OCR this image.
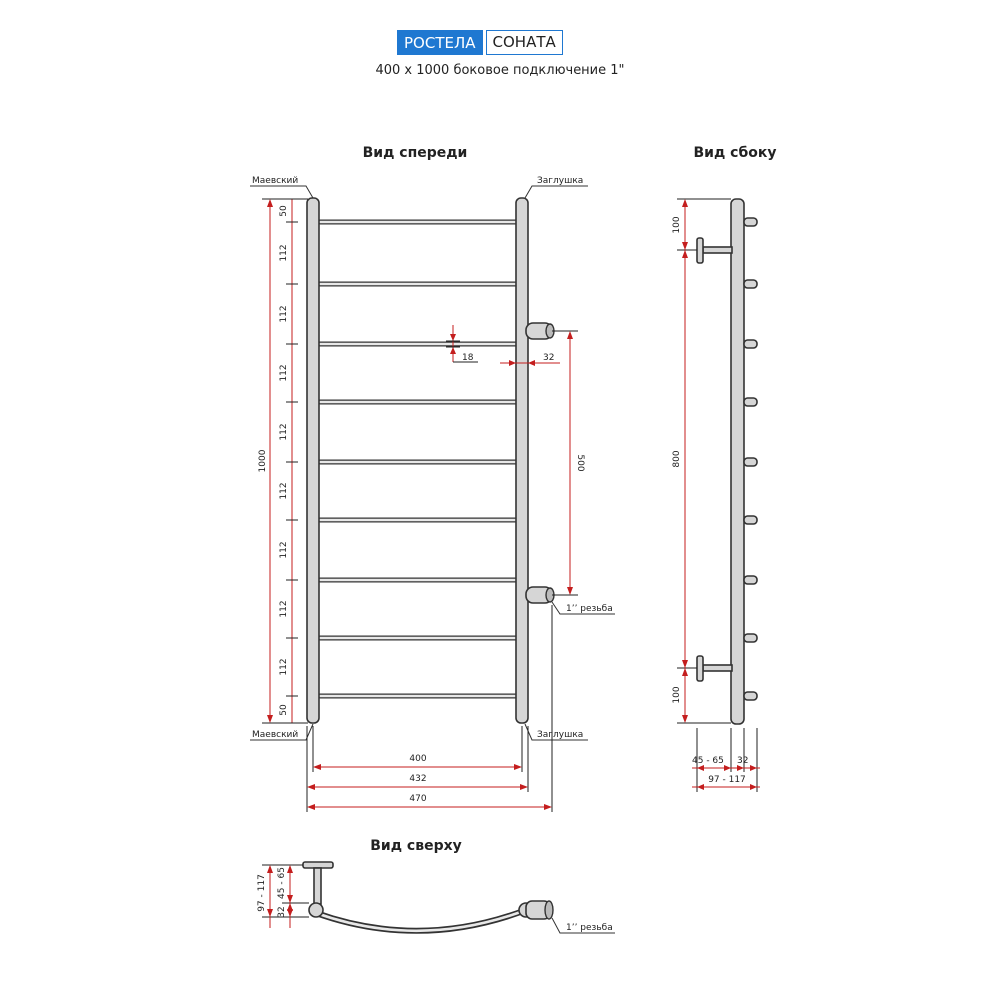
РОСТЕЛА	СОНАТА
400 x 1000 боковое подключение 1"
Вид спереди
Маевский	Заглушка
Маевский	Заглушка
1’’ резьба
1000
50
112
112
112
112
112
112
112
112
50
18	32
500
400
432
470
Вид сбоку
100
800
100
45 - 65 32
97 - 117
Вид сверху
1’’ резьба
97 - 117
32
45 - 65
